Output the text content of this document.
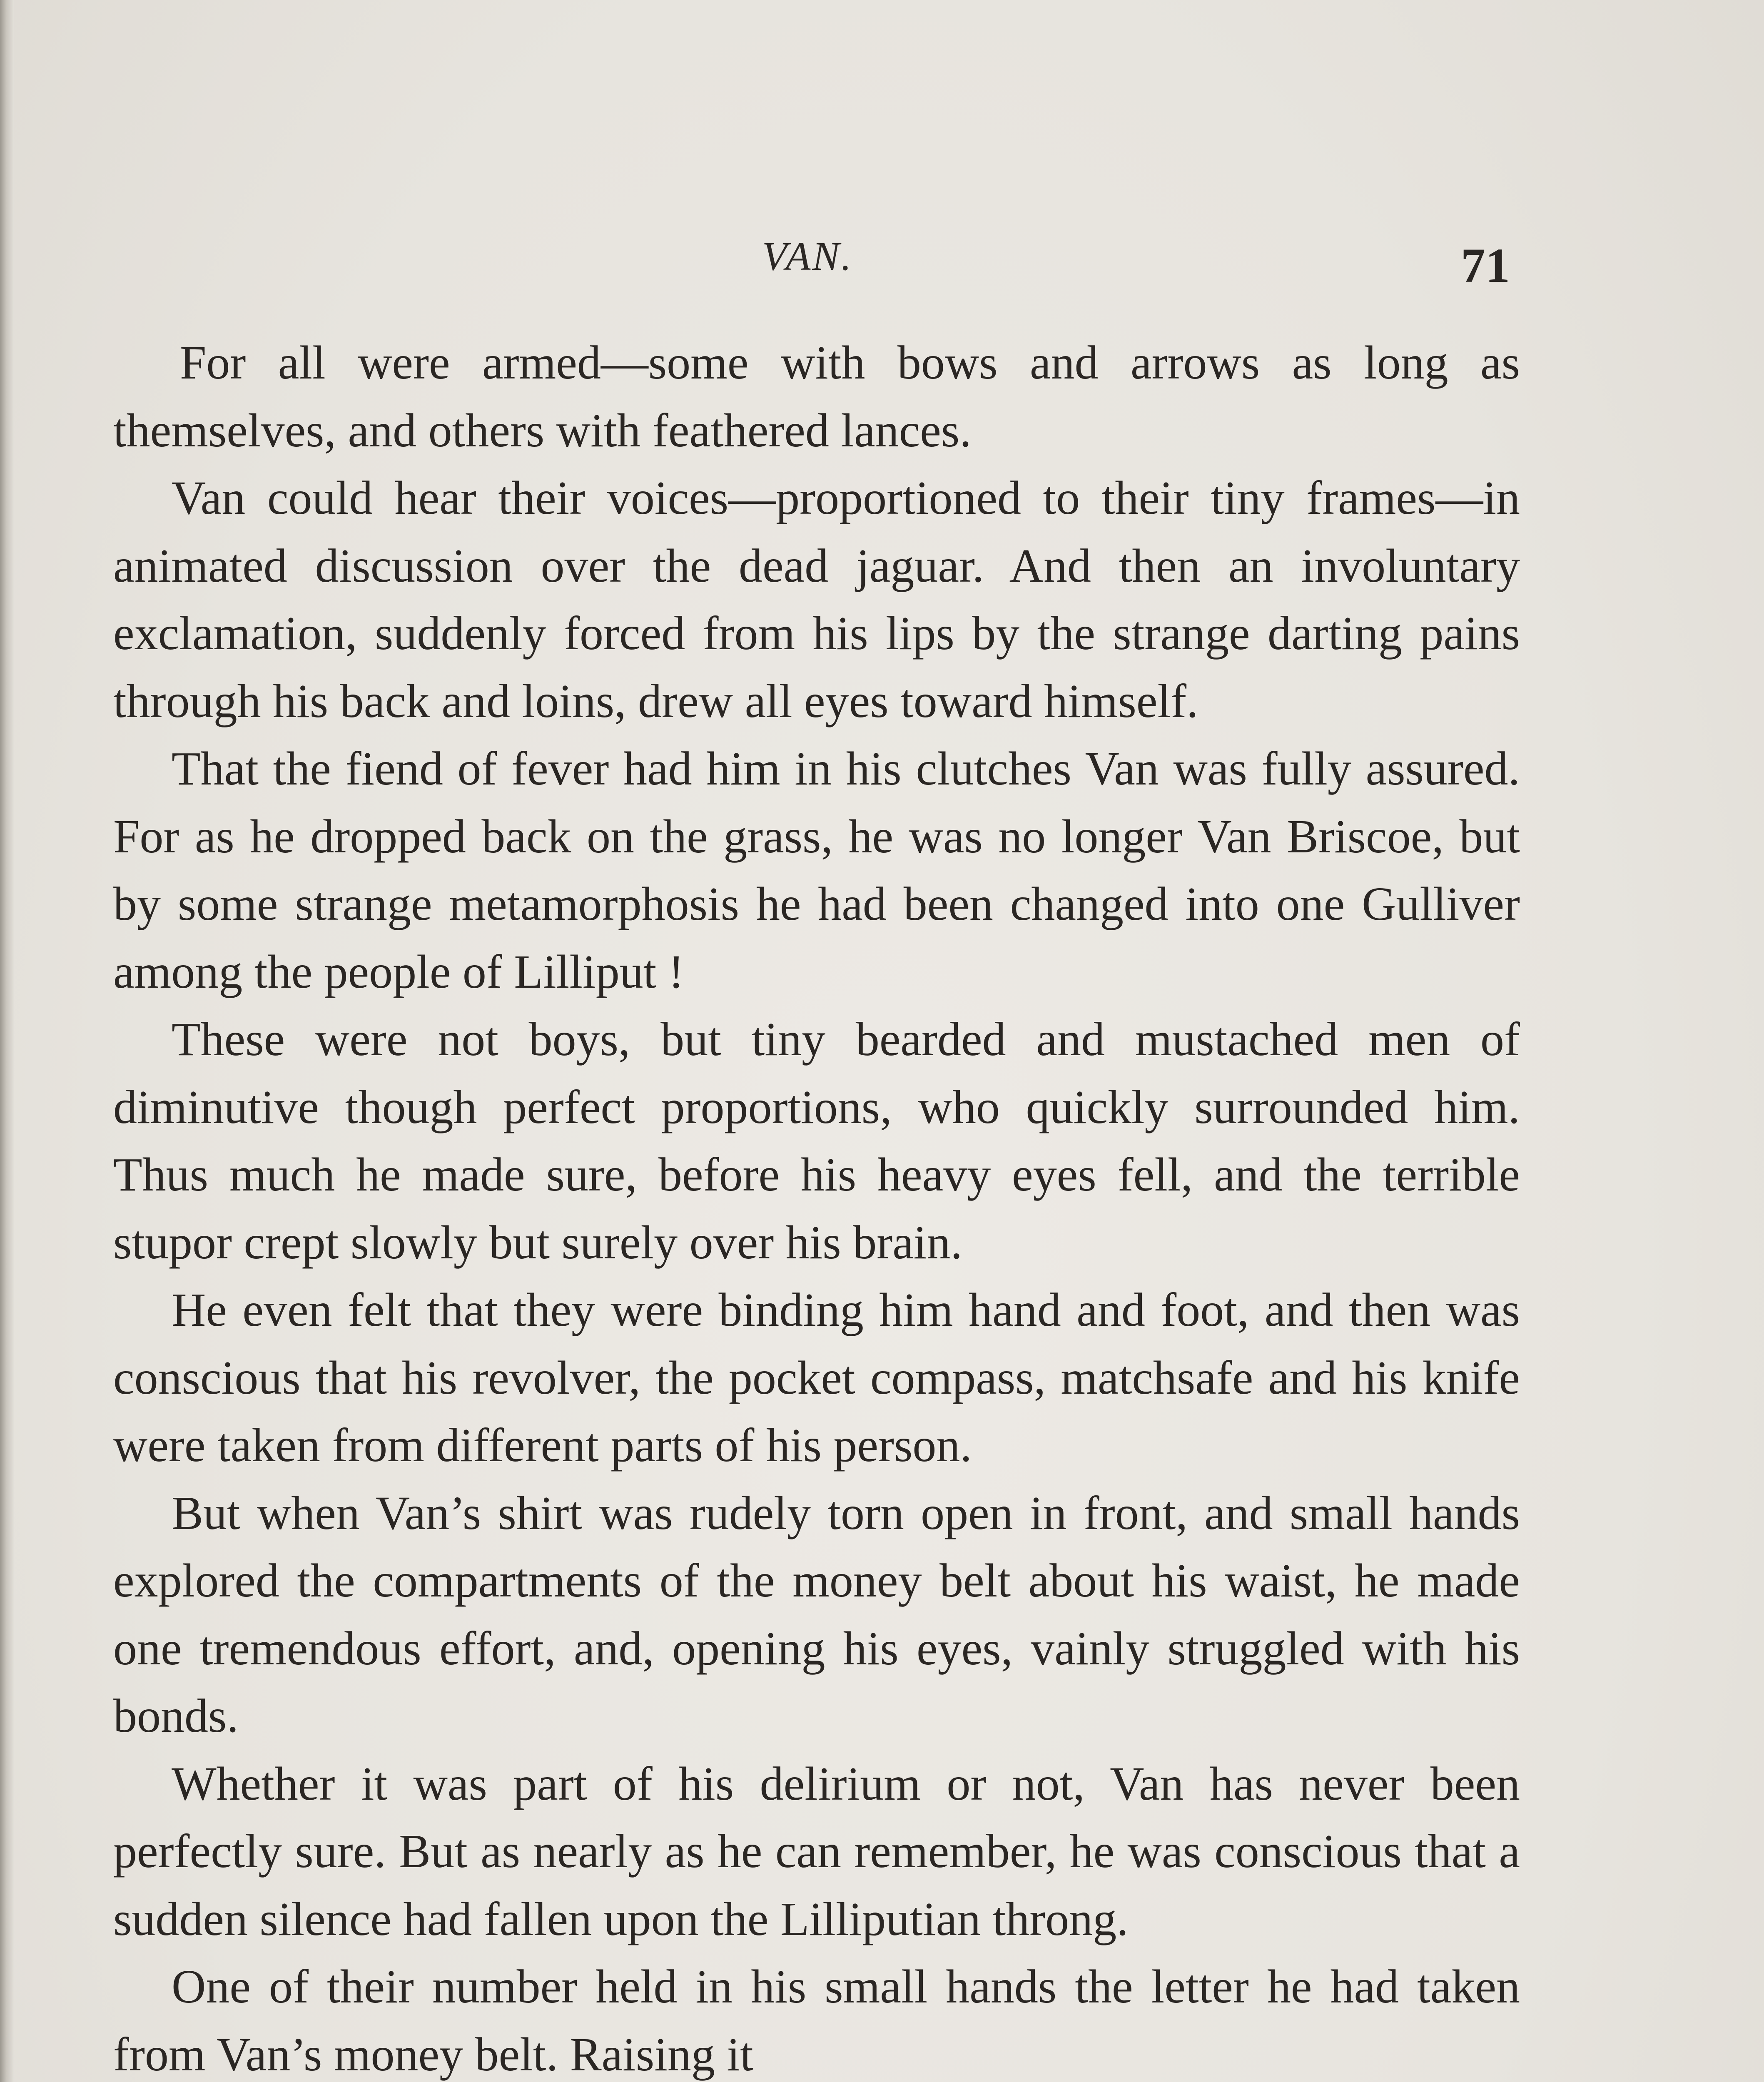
VAN.	71

For all were armed—some with bows and arrows as long as themselves, and others with feathered lances.

Van could hear their voices—proportioned to their tiny frames—in animated discussion over the dead jaguar. And then an involuntary exclamation, suddenly forced from his lips by the strange darting pains through his back and loins, drew all eyes toward himself.

That the fiend of fever had him in his clutches Van was fully assured. For as he dropped back on the grass, he was no longer Van Briscoe, but by some strange metamorphosis he had been changed into one Gulliver among the people of Lilliput !

These were not boys, but tiny bearded and mustached men of diminutive though perfect proportions, who quickly surrounded him. Thus much he made sure, before his heavy eyes fell, and the terrible stupor crept slowly but surely over his brain.

He even felt that they were binding him hand and foot, and then was conscious that his revolver, the pocket compass, matchsafe and his knife were taken from different parts of his person.

But when Van’s shirt was rudely torn open in front, and small hands explored the compartments of the money belt about his waist, he made one tremendous effort, and, opening his eyes, vainly struggled with his bonds.

Whether it was part of his delirium or not, Van has never been perfectly sure. But as nearly as he can remember, he was conscious that a sudden silence had fallen upon the Lilliputian throng.

One of their number held in his small hands the letter he had taken from Van’s money belt. Raising it
